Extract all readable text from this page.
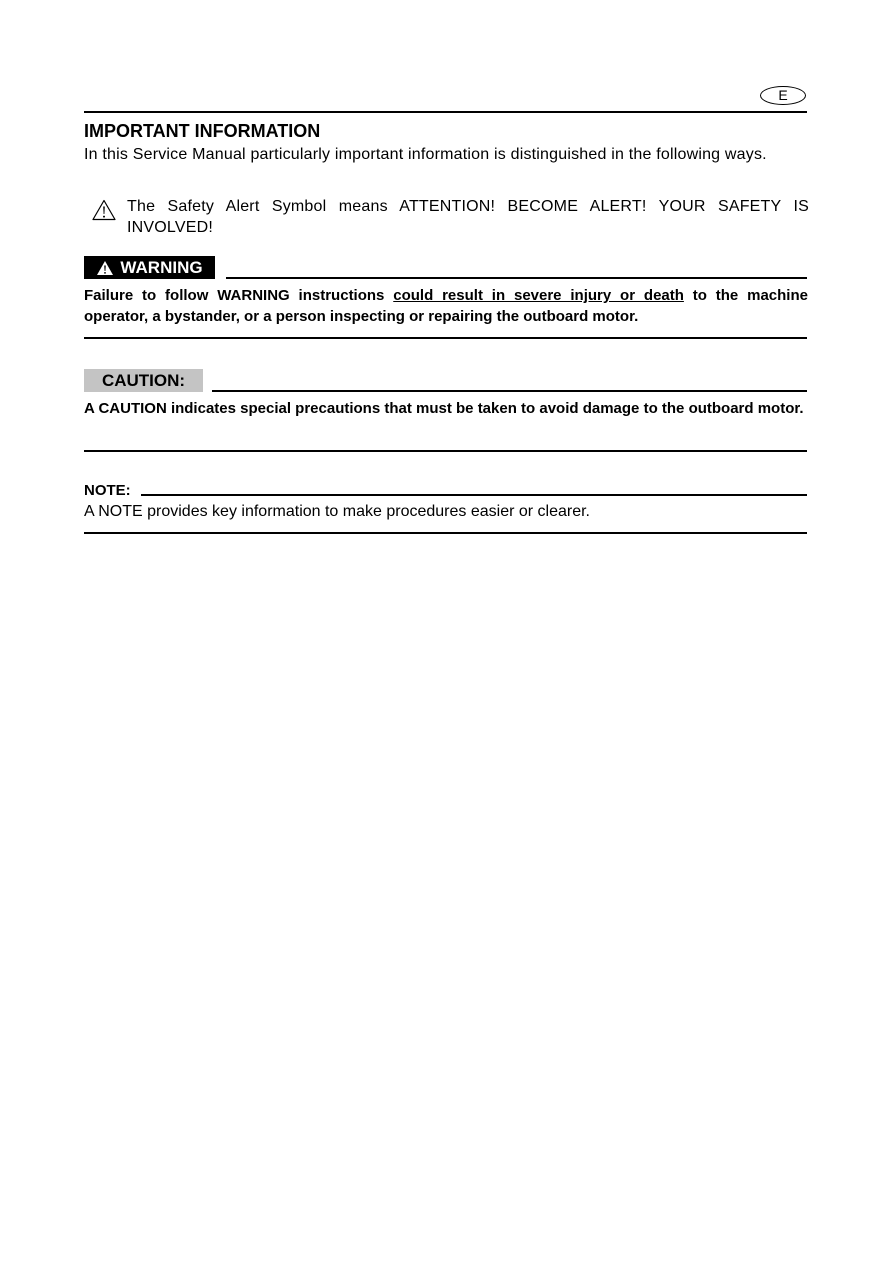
E
IMPORTANT INFORMATION

In this Service Manual particularly important information is distinguished in the following ways.

The Safety Alert Symbol means ATTENTION! BECOME ALERT! YOUR SAFETY IS INVOLVED!

WARNING

Failure to follow WARNING instructions could result in severe injury or death to the machine operator, a bystander, or a person inspecting or repairing the outboard motor.

CAUTION:

A CAUTION indicates special precautions that must be taken to avoid damage to the outboard motor.

NOTE:

A NOTE provides key information to make procedures easier or clearer.
